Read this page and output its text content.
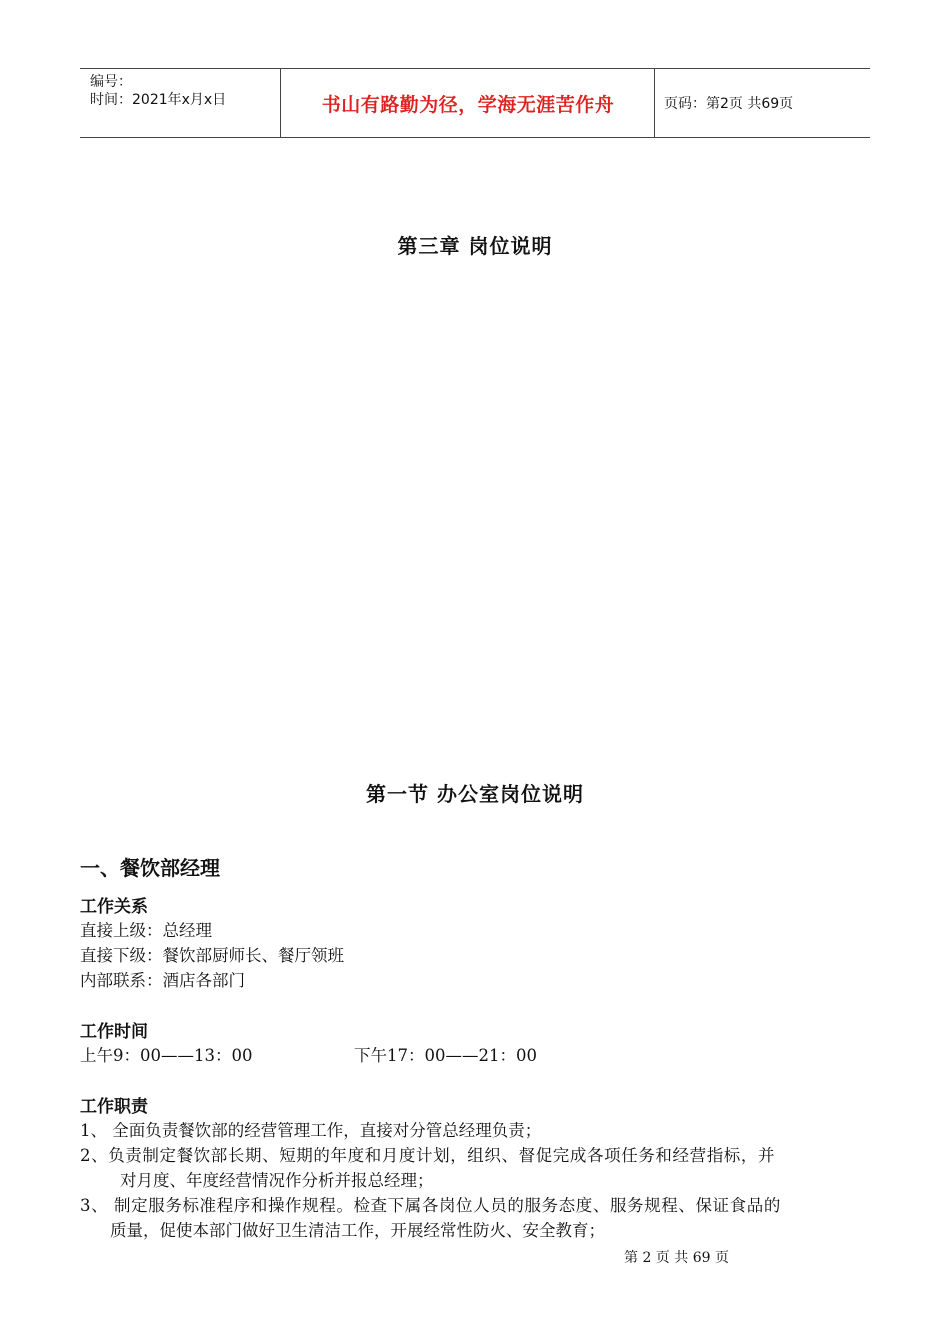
编号：
时间：2021年x月x日	书山有路勤为径，学海无涯苦作舟	页码：第2页 共69页
第三章 岗位说明
第一节 办公室岗位说明
一、餐饮部经理
工作关系
直接上级：总经理
直接下级：餐饮部厨师长、餐厅领班
内部联系：酒店各部门
工作时间
上午9：00——13：00	下午17：00——21：00
工作职责
1、 全面负责餐饮部的经营管理工作，直接对分管总经理负责；
2、负责制定餐饮部长期、短期的年度和月度计划，组织、督促完成各项任务和经营指标，并
对月度、年度经营情况作分析并报总经理；
3、 制定服务标准程序和操作规程。检查下属各岗位人员的服务态度、服务规程、保证食品的
质量，促使本部门做好卫生清洁工作，开展经常性防火、安全教育；
第 2 页 共 69 页
